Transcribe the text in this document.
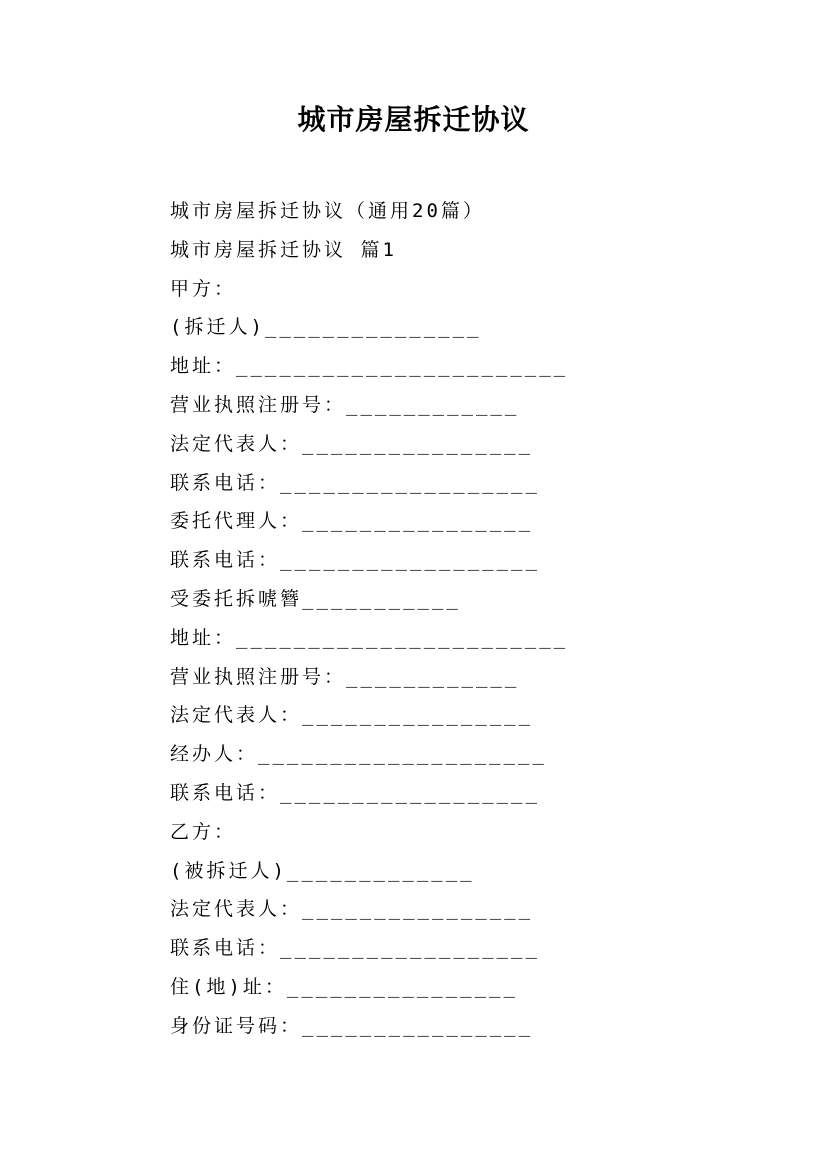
城市房屋拆迁协议
城市房屋拆迁协议（通用20篇）
城市房屋拆迁协议 篇1
甲方：
(拆迁人)_______________
地址：_______________________
营业执照注册号：____________
法定代表人：________________
联系电话：__________________
委托代理人：________________
联系电话：__________________
受委托拆唬簪___________
地址：_______________________
营业执照注册号：____________
法定代表人：________________
经办人：____________________
联系电话：__________________
乙方：
(被拆迁人)_____________
法定代表人：________________
联系电话：__________________
住(地)址：________________
身份证号码：________________
